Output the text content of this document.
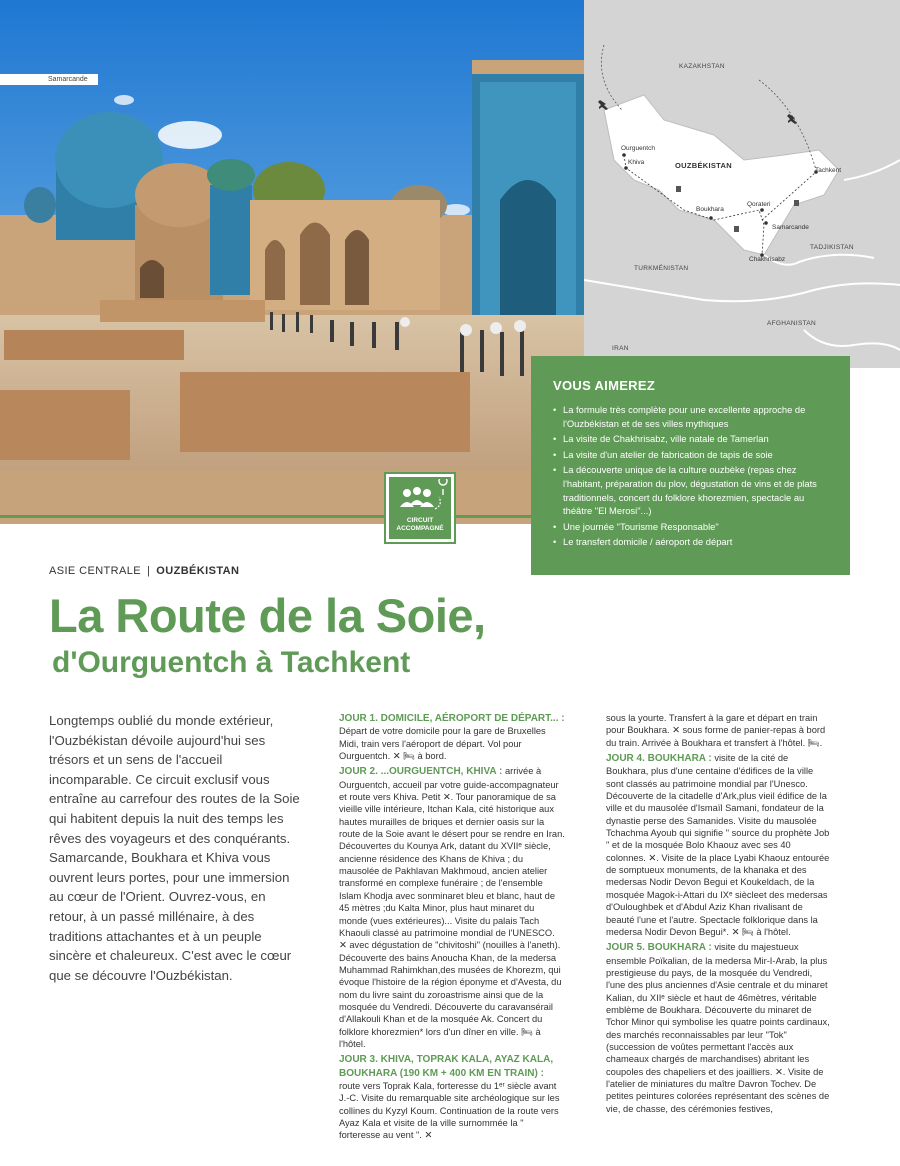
Samarcande
KAZAKHSTAN
OUZBÉKISTAN
TURKMÉNISTAN
TADJIKISTAN
AFGHANISTAN
IRAN
Ourguentch
Khiva
Boukhara
Qorateri
Samarcande
Chakhrisabz
Tachkent
VOUS AIMEREZ
• La formule très complète pour une excellente approche de l'Ouzbékistan et de ses villes mythiques
• La visite de Chakhrisabz, ville natale de Tamerlan
• La visite d'un atelier de fabrication de tapis de soie
• La découverte unique de la culture ouzbèke (repas chez l'habitant, préparation du plov, dégustation de vins et de plats traditionnels, concert du folklore khorezmien, spectacle au théâtre "El Merosi"...)
• Une journée "Tourisme Responsable"
• Le transfert domicile / aéroport de départ
CIRCUIT
ACCOMPAGNÉ
ASIE CENTRALE | OUZBÉKISTAN
La Route de la Soie,
d'Ourguentch à Tachkent

Longtemps oublié du monde extérieur, l'Ouzbékistan dévoile aujourd'hui ses trésors et un sens de l'accueil incomparable. Ce circuit exclusif vous entraîne au carrefour des routes de la Soie qui habitent depuis la nuit des temps les rêves des voyageurs et des conquérants. Samarcande, Boukhara et Khiva vous ouvrent leurs portes, pour une immersion au cœur de l'Orient. Ouvrez-vous, en retour, à un passé millénaire, à des traditions attachantes et à un peuple sincère et chaleureux. C'est avec le cœur que se découvre l'Ouzbékistan.

JOUR 1. DOMICILE, AÉROPORT DE DÉPART... : Départ de votre domicile pour la gare de Bruxelles Midi, train vers l'aéroport de départ. Vol pour Ourguentch. ✕ 🛏 à bord.

JOUR 2. ...OURGUENTCH, KHIVA : arrivée à Ourguentch, accueil par votre guide-accompagnateur et route vers Khiva. Petit ✕. Tour panoramique de sa vieille ville intérieure, Itchan Kala, cité historique aux hautes murailles de briques et dernier oasis sur la route de la Soie avant le désert pour se rendre en Iran. Découvertes du Kounya Ark, datant du XVIIᵉ siècle, ancienne résidence des Khans de Khiva ; du mausolée de Pakhlavan Makhmoud, ancien atelier transformé en complexe funéraire ; de l'ensemble Islam Khodja avec sonminaret bleu et blanc, haut de 45 mètres ;du Kalta Minor, plus haut minaret du monde (vues extérieures)... Visite du palais Tach Khaouli classé au patrimoine mondial de l'UNESCO. ✕ avec dégustation de "chivitoshi" (nouilles à l'aneth). Découverte des bains Anoucha Khan, de la medersa Muhammad Rahimkhan,des musées de Khorezm, qui évoque l'histoire de la région éponyme et d'Avesta, du nom du livre saint du zoroastrisme ainsi que de la mosquée du Vendredi. Découverte du caravansérail d'Allakouli Khan et de la mosquée Ak. Concert du folklore khorezmien* lors d'un dîner en ville. 🛏 à l'hôtel.

JOUR 3. KHIVA, TOPRAK KALA, AYAZ KALA, BOUKHARA (190 KM + 400 KM EN TRAIN) : route vers Toprak Kala, forteresse du 1ᵉʳ siècle avant J.-C. Visite du remarquable site archéologique sur les collines du Kyzyl Koum. Continuation de la route vers Ayaz Kala et visite de la ville surnommée la " forteresse au vent ". ✕

sous la yourte. Transfert à la gare et départ en train pour Boukhara. ✕ sous forme de panier-repas à bord du train. Arrivée à Boukhara et transfert à l'hôtel. 🛏.

JOUR 4. BOUKHARA : visite de la cité de Boukhara, plus d'une centaine d'édifices de la ville sont classés au patrimoine mondial par l'Unesco. Découverte de la citadelle d'Ark,plus vieil édifice de la ville et du mausolée d'Ismaïl Samani, fondateur de la dynastie perse des Samanides. Visite du mausolée Tchachma Ayoub qui signifie " source du prophète Job " et de la mosquée Bolo Khaouz avec ses 40 colonnes. ✕. Visite de la place Lyabi Khaouz entourée de somptueux monuments, de la khanaka et des medersas Nodir Devon Begui et Koukeldach, de la mosquée Magok-i-Attari du IXᵉ siècleet des medersas d'Ouloughbek et d'Abdul Aziz Khan rivalisant de beauté l'une et l'autre. Spectacle folklorique dans la medersa Nodir Devon Begui*. ✕ 🛏 à l'hôtel.

JOUR 5. BOUKHARA : visite du majestueux ensemble Poïkalian, de la medersa Mir-I-Arab, la plus prestigieuse du pays, de la mosquée du Vendredi, l'une des plus anciennes d'Asie centrale et du minaret Kalian, du XIIᵉ siècle et haut de 46mètres, véritable emblème de Boukhara. Découverte du minaret de Tchor Minor qui symbolise les quatre points cardinaux, des marchés reconnaissables par leur "Tok" (succession de voûtes permettant l'accès aux chameaux chargés de marchandises) abritant les coupoles des chapeliers et des joailliers. ✕. Visite de l'atelier de miniatures du maître Davron Tochev. De petites peintures colorées représentant des scènes de vie, de chasse, des cérémonies festives,
